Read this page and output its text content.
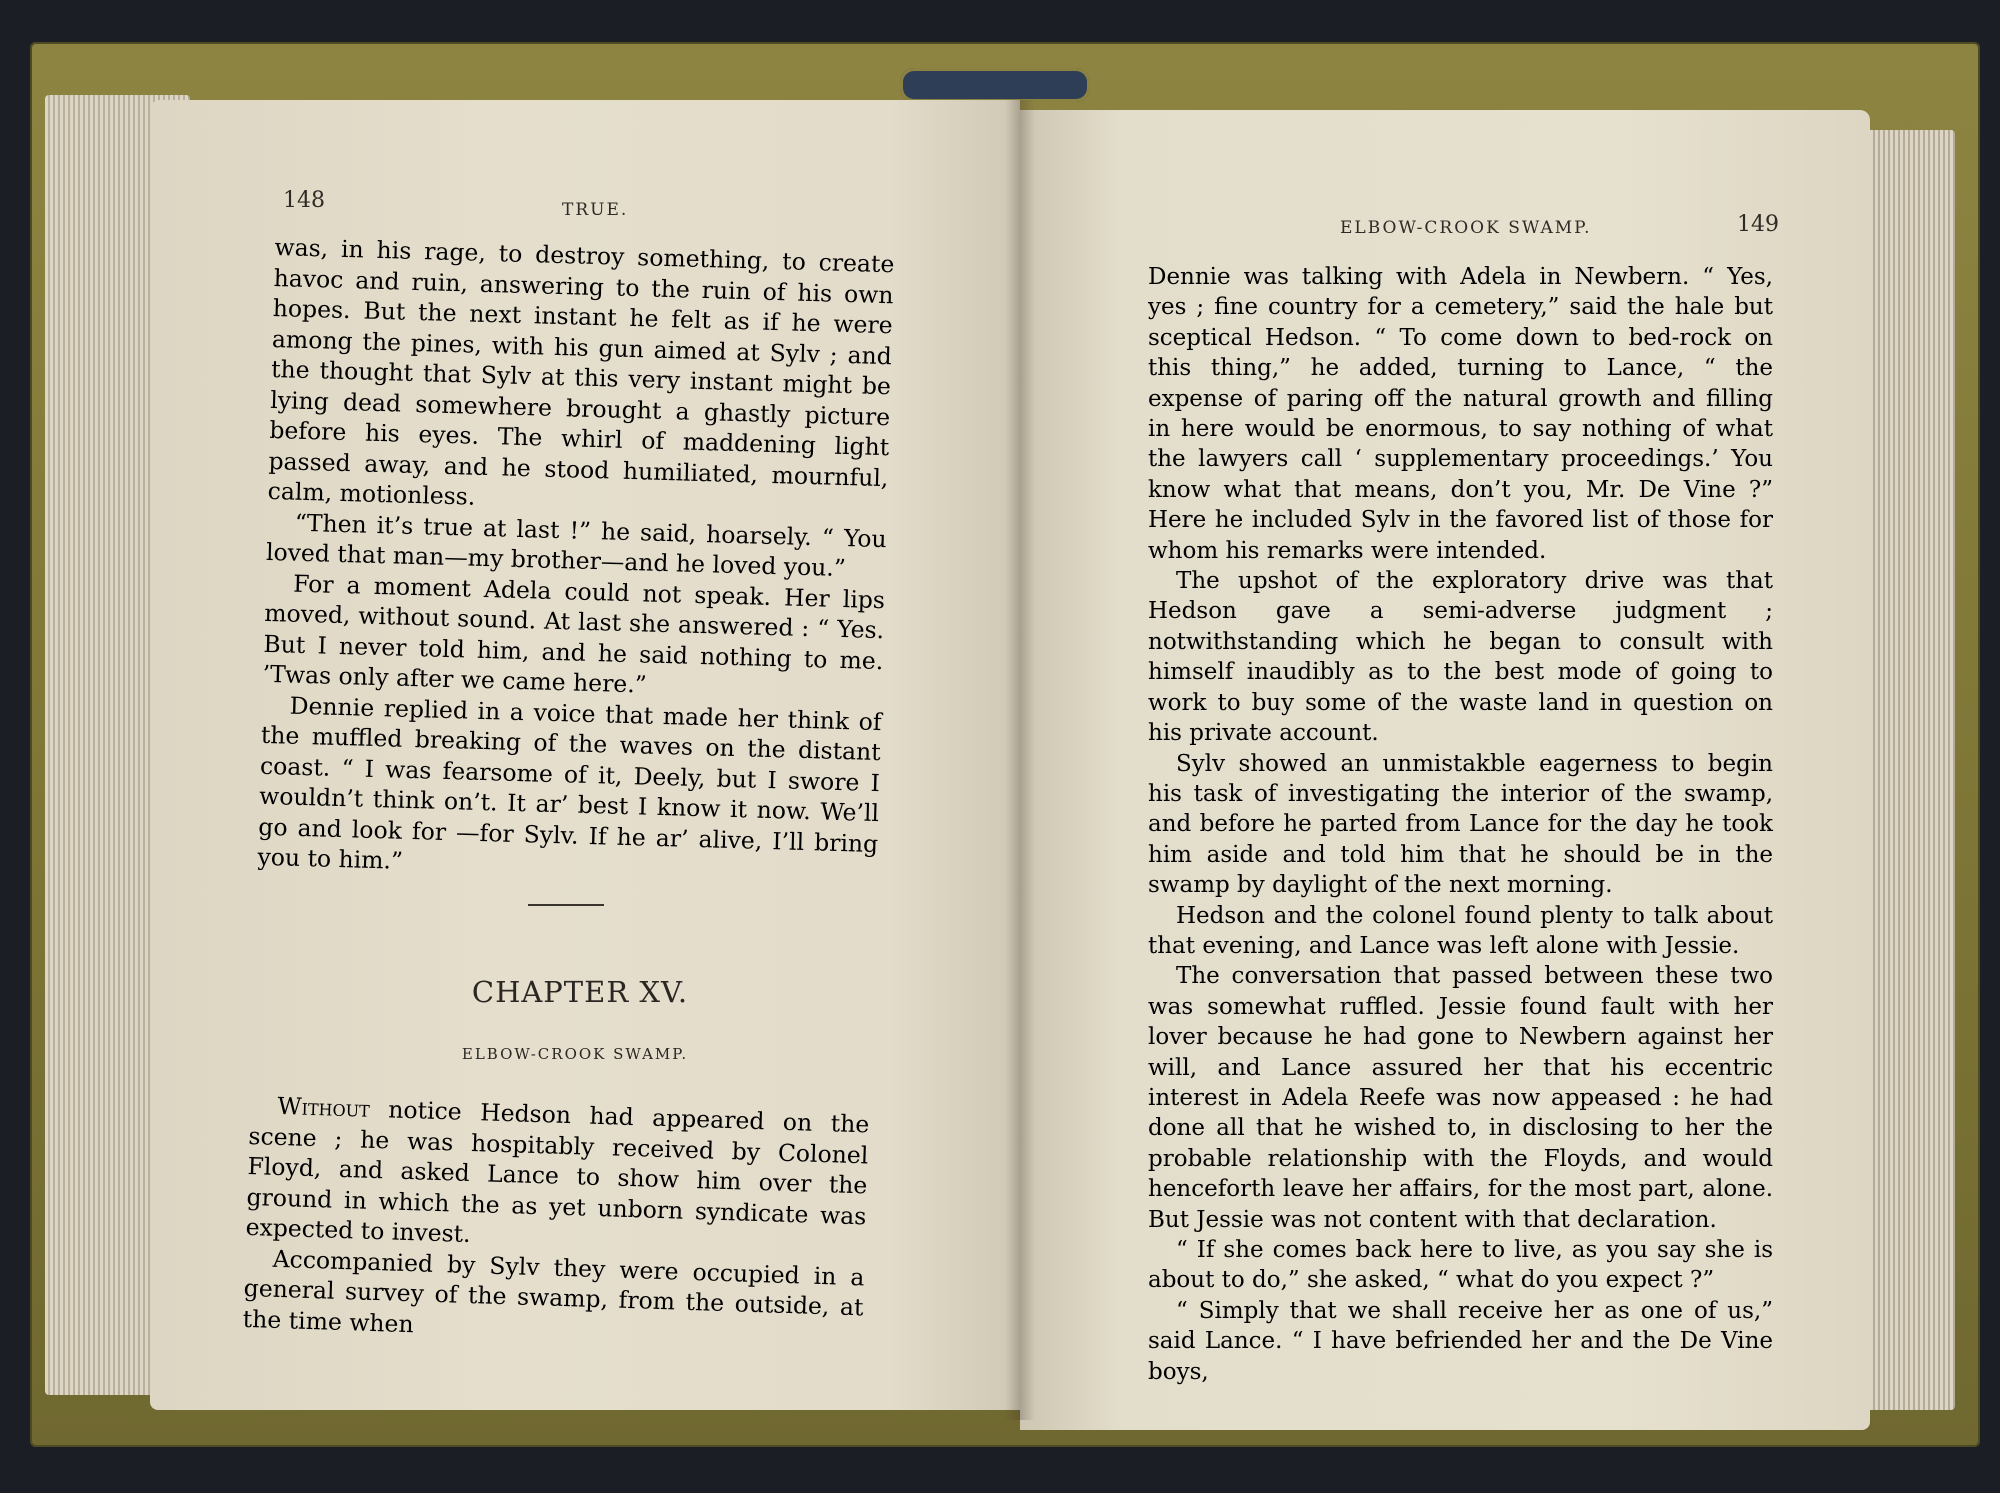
148	TRUE.

was, in his rage, to destroy something, to create havoc and ruin, answering to the ruin of his own hopes. But the next instant he felt as if he were among the pines, with his gun aimed at Sylv ; and the thought that Sylv at this very instant might be lying dead somewhere brought a ghastly picture before his eyes. The whirl of maddening light passed away, and he stood humiliated, mournful, calm, motionless.

“Then it’s true at last !” he said, hoarsely. “ You loved that man—my brother—and he loved you.”

For a moment Adela could not speak. Her lips moved, without sound. At last she answered : “ Yes. But I never told him, and he said nothing to me. ’Twas only after we came here.”

Dennie replied in a voice that made her think of the muffled breaking of the waves on the distant coast. “ I was fearsome of it, Deely, but I swore I wouldn’t think on’t. It ar’ best I know it now. We’ll go and look for —for Sylv. If he ar’ alive, I’ll bring you to him.”

CHAPTER XV.
ELBOW-CROOK SWAMP.

Without notice Hedson had appeared on the scene ; he was hospitably received by Colonel Floyd, and asked Lance to show him over the ground in which the as yet unborn syndicate was expected to invest.

Accompanied by Sylv they were occupied in a general survey of the swamp, from the outside, at the time when

ELBOW-CROOK SWAMP.	149

Dennie was talking with Adela in Newbern. “ Yes, yes ; fine country for a cemetery,” said the hale but sceptical Hedson. “ To come down to bed-rock on this thing,” he added, turning to Lance, “ the expense of paring off the natural growth and filling in here would be enormous, to say nothing of what the lawyers call ‘ supplementary proceedings.’ You know what that means, don’t you, Mr. De Vine ?” Here he included Sylv in the favored list of those for whom his remarks were intended.

The upshot of the exploratory drive was that Hedson gave a semi-adverse judgment ; notwithstanding which he began to consult with himself inaudibly as to the best mode of going to work to buy some of the waste land in question on his private account.

Sylv showed an unmistakble eagerness to begin his task of investigating the interior of the swamp, and before he parted from Lance for the day he took him aside and told him that he should be in the swamp by daylight of the next morning.

Hedson and the colonel found plenty to talk about that evening, and Lance was left alone with Jessie.

The conversation that passed between these two was somewhat ruffled. Jessie found fault with her lover because he had gone to Newbern against her will, and Lance assured her that his eccentric interest in Adela Reefe was now appeased : he had done all that he wished to, in disclosing to her the probable relationship with the Floyds, and would henceforth leave her affairs, for the most part, alone. But Jessie was not content with that declaration.

“ If she comes back here to live, as you say she is about to do,” she asked, “ what do you expect ?”

“ Simply that we shall receive her as one of us,” said Lance. “ I have befriended her and the De Vine boys,
